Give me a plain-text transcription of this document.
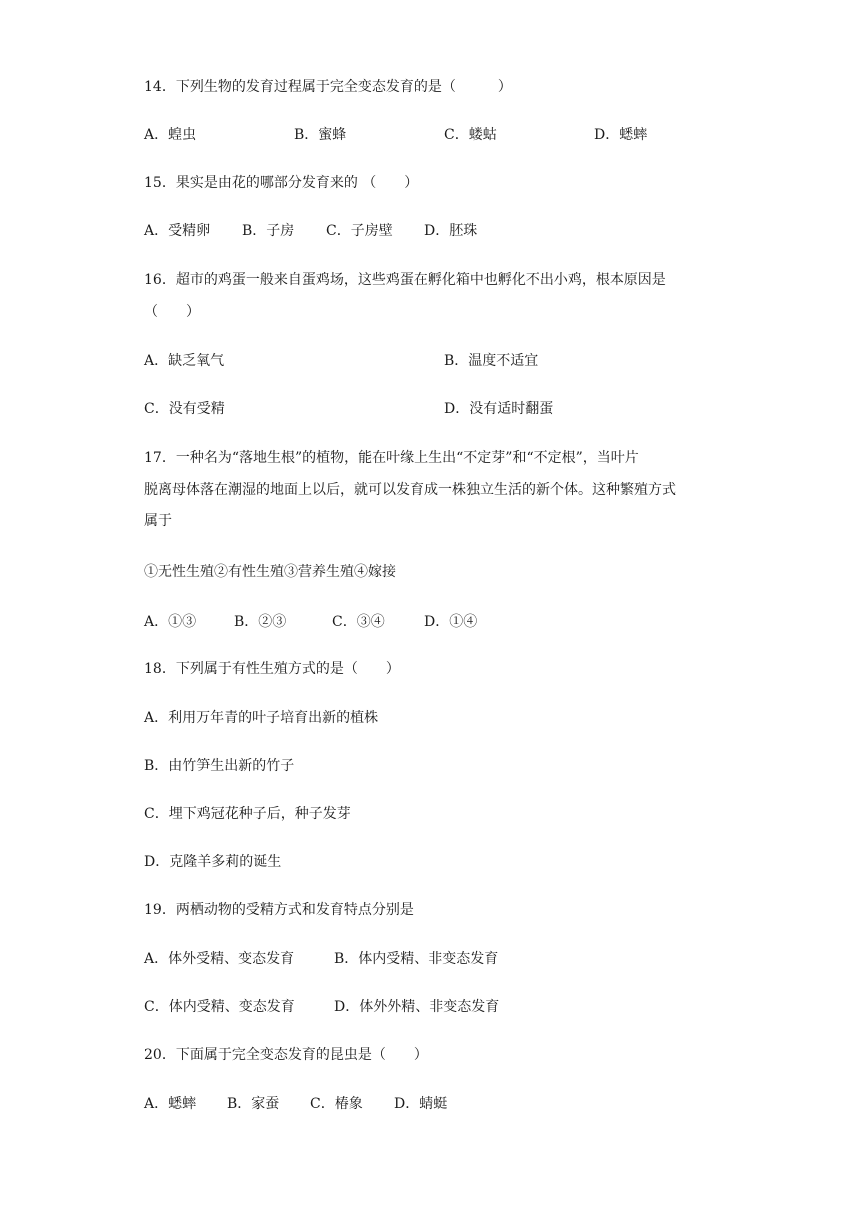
14．下列生物的发育过程属于完全变态发育的是（　　　）
A．蝗虫	B．蜜蜂	C．蝼蛄	D．蟋蟀
15．果实是由花的哪部分发育来的 （　　）
A．受精卵 B．子房 C．子房壁 D．胚珠
16．超市的鸡蛋一般来自蛋鸡场，这些鸡蛋在孵化箱中也孵化不出小鸡，根本原因是
（　　）
A．缺乏氧气	B．温度不适宜
C．没有受精	D．没有适时翻蛋
17．一种名为“落地生根”的植物，能在叶缘上生出“不定芽”和“不定根”，当叶片
脱离母体落在潮湿的地面上以后，就可以发育成一株独立生活的新个体。这种繁殖方式
属于
①无性生殖②有性生殖③营养生殖④嫁接
A．①③	B．②③	C．③④	D．①④
18．下列属于有性生殖方式的是（　　）
A．利用万年青的叶子培育出新的植株
B．由竹笋生出新的竹子
C．埋下鸡冠花种子后，种子发芽
D．克隆羊多莉的诞生
19．两栖动物的受精方式和发育特点分别是
A．体外受精、变态发育	B．体内受精、非变态发育
C．体内受精、变态发育	D．体外外精、非变态发育
20．下面属于完全变态发育的昆虫是（　　）
A．蟋蟀 B．家蚕 C．椿象 D．蜻蜓
